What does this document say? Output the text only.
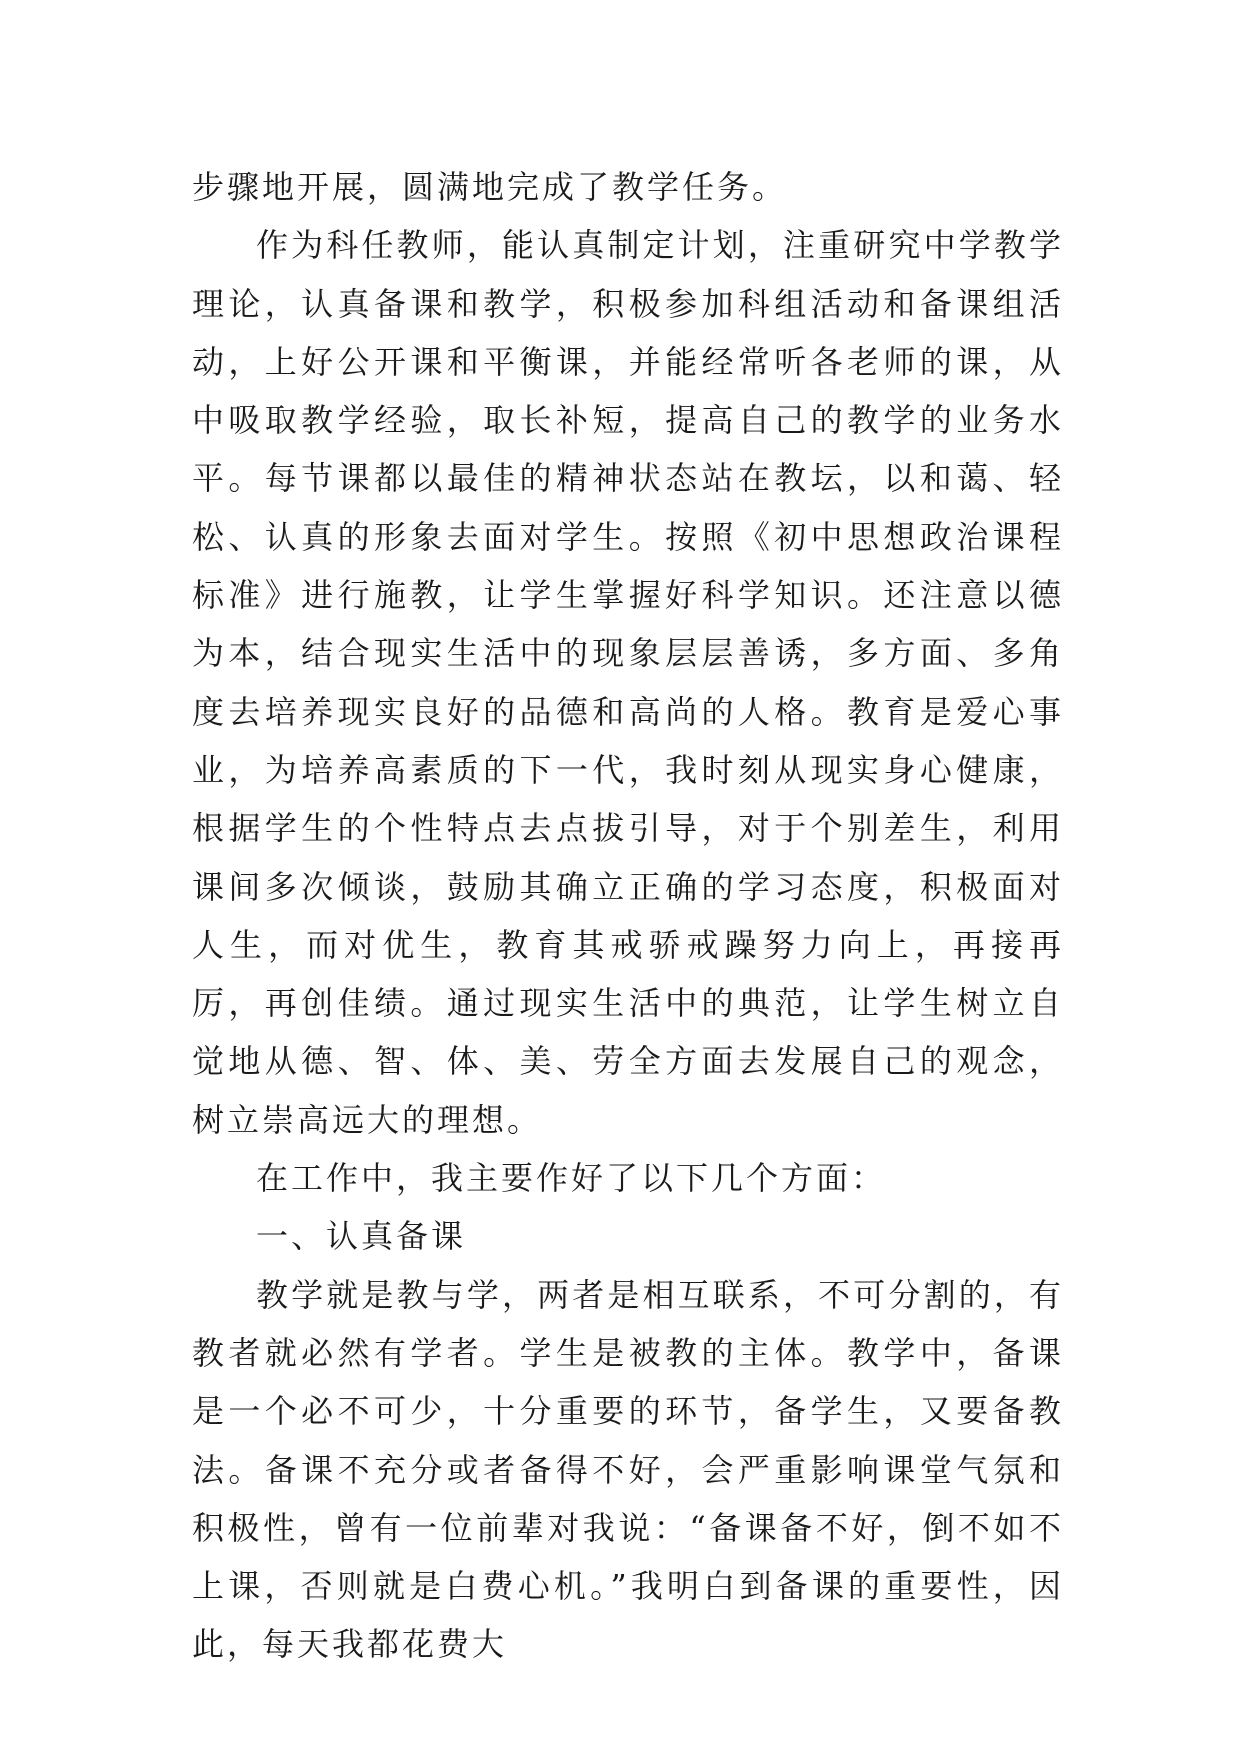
步骤地开展，圆满地完成了教学任务。

作为科任教师，能认真制定计划，注重研究中学教学理论，认真备课和教学，积极参加科组活动和备课组活动，上好公开课和平衡课，并能经常听各老师的课，从中吸取教学经验，取长补短，提高自己的教学的业务水平。每节课都以最佳的精神状态站在教坛，以和蔼、轻松、认真的形象去面对学生。按照《初中思想政治课程标准》进行施教，让学生掌握好科学知识。还注意以德为本，结合现实生活中的现象层层善诱，多方面、多角度去培养现实良好的品德和高尚的人格。教育是爱心事业，为培养高素质的下一代，我时刻从现实身心健康，根据学生的个性特点去点拔引导，对于个别差生，利用课间多次倾谈，鼓励其确立正确的学习态度，积极面对人生，而对优生，教育其戒骄戒躁努力向上，再接再厉，再创佳绩。通过现实生活中的典范，让学生树立自觉地从德、智、体、美、劳全方面去发展自己的观念，树立崇高远大的理想。

在工作中，我主要作好了以下几个方面：

一、认真备课

教学就是教与学，两者是相互联系，不可分割的，有教者就必然有学者。学生是被教的主体。教学中，备课是一个必不可少，十分重要的环节，备学生，又要备教法。备课不充分或者备得不好，会严重影响课堂气氛和积极性，曾有一位前辈对我说：“备课备不好，倒不如不上课，否则就是白费心机。”我明白到备课的重要性，因此，每天我都花费大
